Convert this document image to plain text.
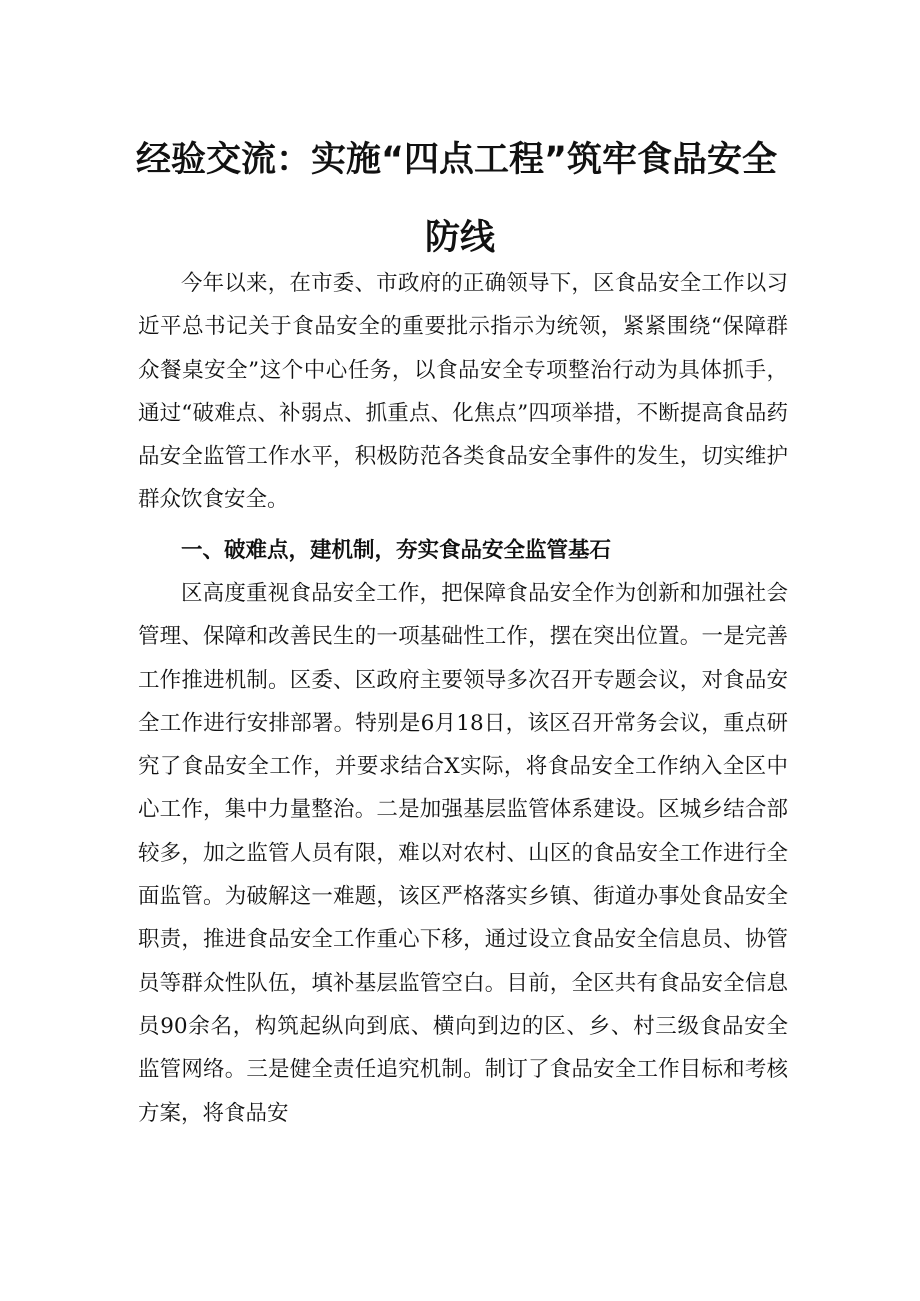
经验交流：实施“四点工程”筑牢食品安全
防线

今年以来，在市委、市政府的正确领导下，区食品安全工作以习近平总书记关于食品安全的重要批示指示为统领，紧紧围绕“保障群众餐桌安全”这个中心任务，以食品安全专项整治行动为具体抓手，通过“破难点、补弱点、抓重点、化焦点”四项举措，不断提高食品药品安全监管工作水平，积极防范各类食品安全事件的发生，切实维护群众饮食安全。

一、破难点，建机制，夯实食品安全监管基石

区高度重视食品安全工作，把保障食品安全作为创新和加强社会管理、保障和改善民生的一项基础性工作，摆在突出位置。一是完善工作推进机制。区委、区政府主要领导多次召开专题会议，对食品安全工作进行安排部署。特别是6月18日，该区召开常务会议，重点研究了食品安全工作，并要求结合X实际，将食品安全工作纳入全区中心工作，集中力量整治。二是加强基层监管体系建设。区城乡结合部较多，加之监管人员有限，难以对农村、山区的食品安全工作进行全面监管。为破解这一难题，该区严格落实乡镇、街道办事处食品安全职责，推进食品安全工作重心下移，通过设立食品安全信息员、协管员等群众性队伍，填补基层监管空白。目前，全区共有食品安全信息员90余名，构筑起纵向到底、横向到边的区、乡、村三级食品安全监管网络。三是健全责任追究机制。制订了食品安全工作目标和考核方案，将食品安
